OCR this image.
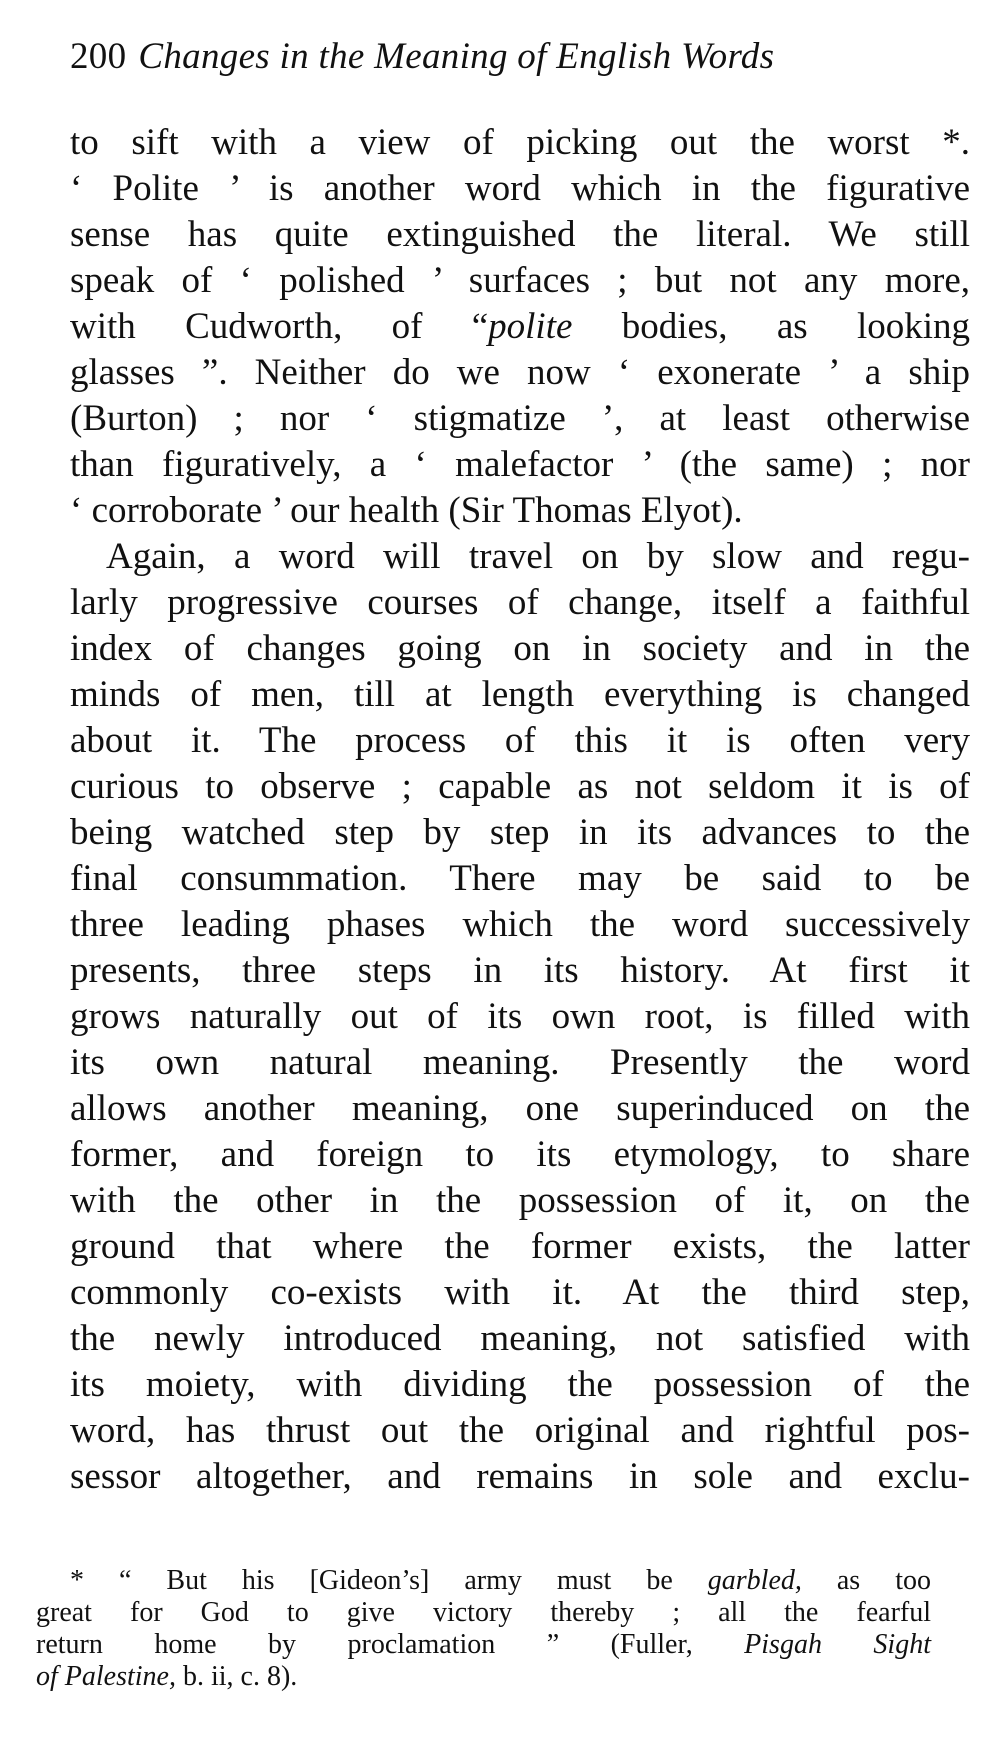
200 Changes in the Meaning of English Words
to sift with a view of picking out the worst *.
‘ Polite ’ is another word which in the figurative
sense has quite extinguished the literal. We still
speak of ‘ polished ’ surfaces ; but not any more,
with Cudworth, of “polite bodies, as looking
glasses ”. Neither do we now ‘ exonerate ’ a ship
(Burton) ; nor ‘ stigmatize ’, at least otherwise
than figuratively, a ‘ malefactor ’ (the same) ; nor
‘ corroborate ’ our health (Sir Thomas Elyot).
Again, a word will travel on by slow and regu-
larly progressive courses of change, itself a faithful
index of changes going on in society and in the
minds of men, till at length everything is changed
about it. The process of this it is often very
curious to observe ; capable as not seldom it is of
being watched step by step in its advances to the
final consummation. There may be said to be
three leading phases which the word successively
presents, three steps in its history. At first it
grows naturally out of its own root, is filled with
its own natural meaning. Presently the word
allows another meaning, one superinduced on the
former, and foreign to its etymology, to share
with the other in the possession of it, on the
ground that where the former exists, the latter
commonly co-exists with it. At the third step,
the newly introduced meaning, not satisfied with
its moiety, with dividing the possession of the
word, has thrust out the original and rightful pos-
sessor altogether, and remains in sole and exclu-
* “ But his [Gideon’s] army must be garbled, as too
great for God to give victory thereby ; all the fearful
return home by proclamation ” (Fuller, Pisgah Sight
of Palestine, b. ii, c. 8).
